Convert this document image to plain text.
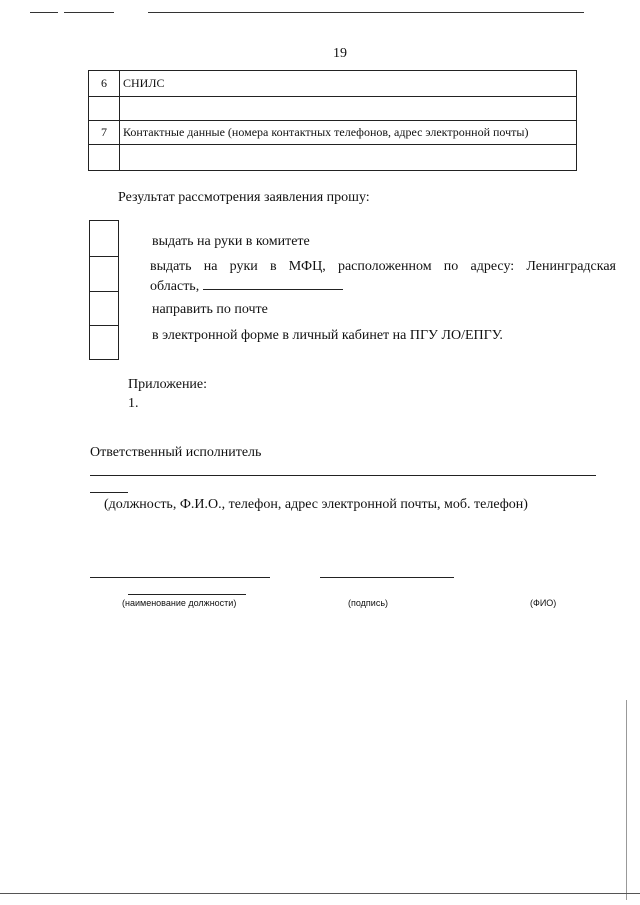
19
6	СНИЛС

7	Контактные данные (номера контактных телефонов, адрес электронной почты)

Результат рассмотрения заявления прошу:
выдать на руки в комитете
выдать на руки в МФЦ, расположенном по адресу: Ленинградская
область,
направить по почте
в электронной форме в личный кабинет на ПГУ ЛО/ЕПГУ.
Приложение:
1.
Ответственный исполнитель
(должность, Ф.И.О., телефон, адрес электронной почты, моб. телефон)
(наименование должности)	(подпись)	(ФИО)
